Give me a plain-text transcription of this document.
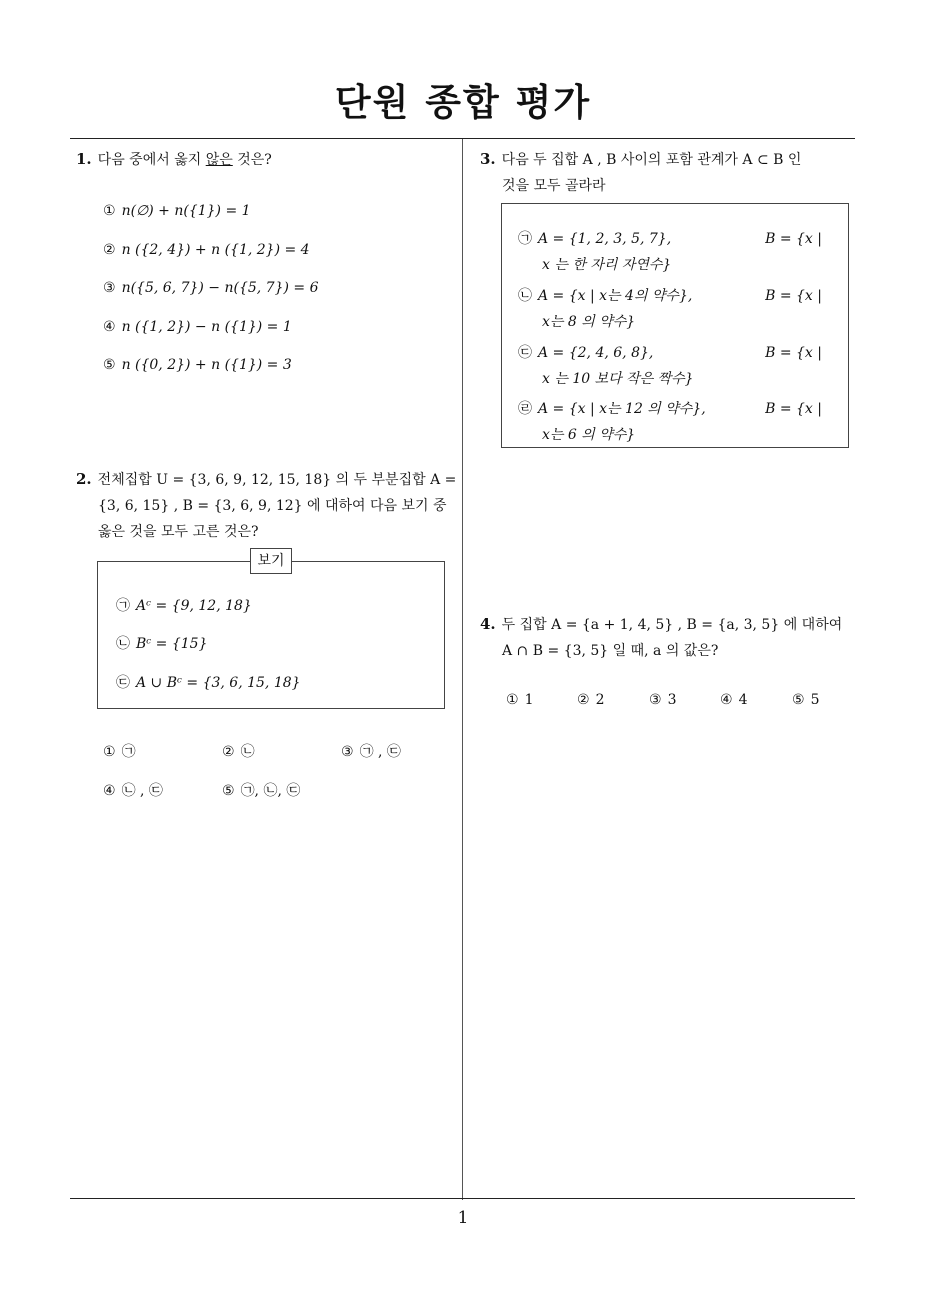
단원 종합 평가
1. 다음 중에서 옳지 않은 것은?
① n(∅) + n({1}) = 1
② n ({2, 4}) + n ({1, 2}) = 4
③ n({5, 6, 7}) − n({5, 7}) = 6
④ n ({1, 2}) − n ({1}) = 1
⑤ n ({0, 2}) + n ({1}) = 3
2. 전체집합 U = {3, 6, 9, 12, 15, 18} 의 두 부분집합 A =
{3, 6, 15} , B = {3, 6, 9, 12} 에 대하여 다음 보기 중
옳은 것을 모두 고른 것은?
보기
㉠ Aᶜ = {9, 12, 18}
㉡ Bᶜ = {15}
㉢ A ∪ Bᶜ = {3, 6, 15, 18}
① ㉠	② ㉡	③ ㉠ , ㉢
④ ㉡ , ㉢	⑤ ㉠, ㉡, ㉢
3. 다음 두 집합 A , B 사이의 포함 관계가 A ⊂ B 인
것을 모두 골라라
㉠ A = {1, 2, 3, 5, 7},	B = {x |
x 는 한 자리 자연수}
㉡ A = {x | x는 4의 약수},	B = {x |
x는 8 의 약수}
㉢ A = {2, 4, 6, 8},	B = {x |
x 는 10 보다 작은 짝수}
㉣ A = {x | x는 12 의 약수},	B = {x |
x는 6 의 약수}
4. 두 집합 A = {a + 1, 4, 5} , B = {a, 3, 5} 에 대하여
A ∩ B = {3, 5} 일 때, a 의 값은?
① 1	② 2	③ 3	④ 4	⑤ 5
1
